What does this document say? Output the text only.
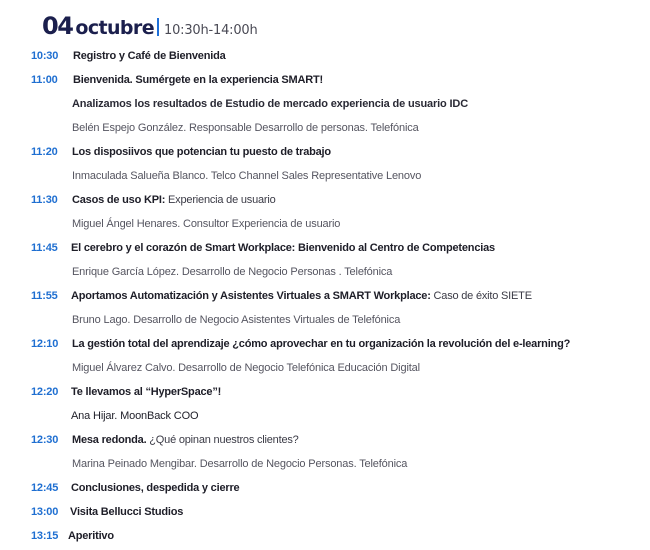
04 octubre 10:30h-14:00h
10:30 Registro y Café de Bienvenida
11:00 Bienvenida. Sumérgete en la experiencia SMART!
Analizamos los resultados de Estudio de mercado experiencia de usuario IDC
Belén Espejo González. Responsable Desarrollo de personas. Telefónica
11:20 Los disposiivos que potencian tu puesto de trabajo
Inmaculada Salueña Blanco. Telco Channel Sales Representative Lenovo
11:30 Casos de uso KPI: Experiencia de usuario
Miguel Ángel Henares. Consultor Experiencia de usuario
11:45 El cerebro y el corazón de Smart Workplace: Bienvenido al Centro de Competencias
Enrique García López. Desarrollo de Negocio Personas . Telefónica
11:55 Aportamos Automatización y Asistentes Virtuales a SMART Workplace: Caso de éxito SIETE
Bruno Lago. Desarrollo de Negocio Asistentes Virtuales de Telefónica
12:10 La gestión total del aprendizaje ¿cómo aprovechar en tu organización la revolución del e-learning?
Miguel Álvarez Calvo. Desarrollo de Negocio Telefónica Educación Digital
12:20 Te llevamos al “HyperSpace”!
Ana Hijar. MoonBack COO
12:30 Mesa redonda. ¿Qué opinan nuestros clientes?
Marina Peinado Mengibar. Desarrollo de Negocio Personas. Telefónica
12:45 Conclusiones, despedida y cierre
13:00 Visita Bellucci Studios
13:15 Aperitivo
